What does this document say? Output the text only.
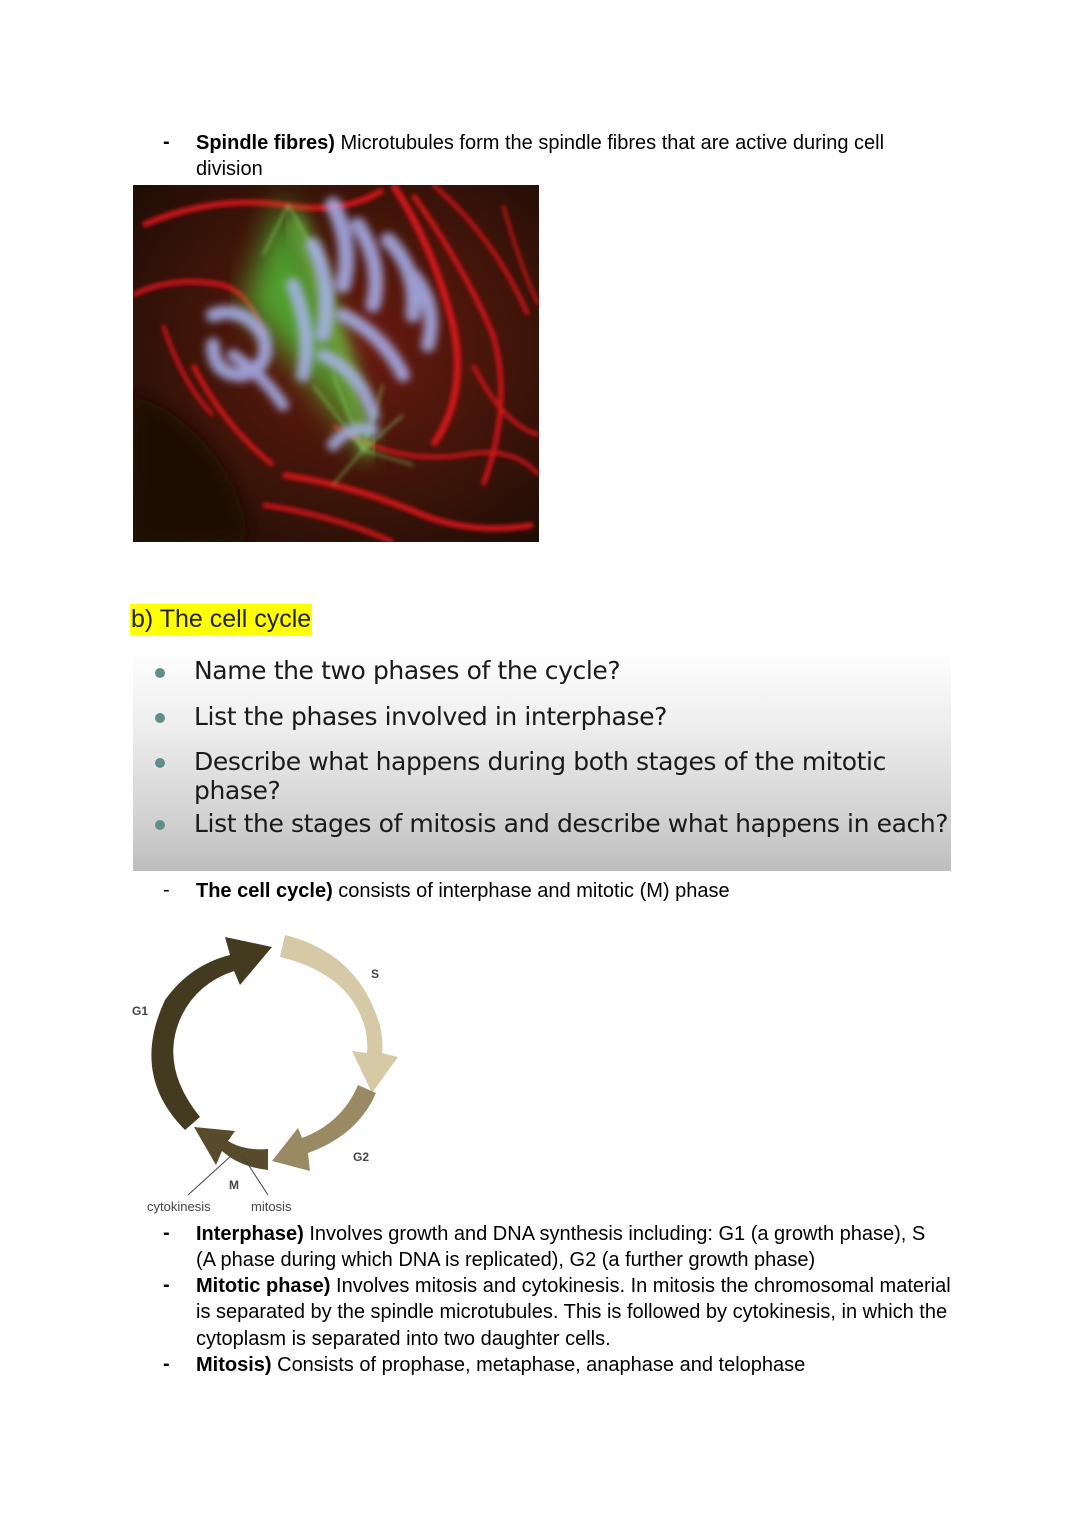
- Spindle fibres) Microtubules form the spindle fibres that are active during cell
division
b) The cell cycle
Name the two phases of the cycle?
List the phases involved in interphase?
Describe what happens during both stages of the mitotic phase?
List the stages of mitosis and describe what happens in each?
- The cell cycle) consists of interphase and mitotic (M) phase
G1
S
G2
M
cytokinesis	mitosis
- Interphase) Involves growth and DNA synthesis including: G1 (a growth phase), S
(A phase during which DNA is replicated), G2 (a further growth phase)
- Mitotic phase) Involves mitosis and cytokinesis. In mitosis the chromosomal material
is separated by the spindle microtubules. This is followed by cytokinesis, in which the
cytoplasm is separated into two daughter cells.
- Mitosis) Consists of prophase, metaphase, anaphase and telophase
